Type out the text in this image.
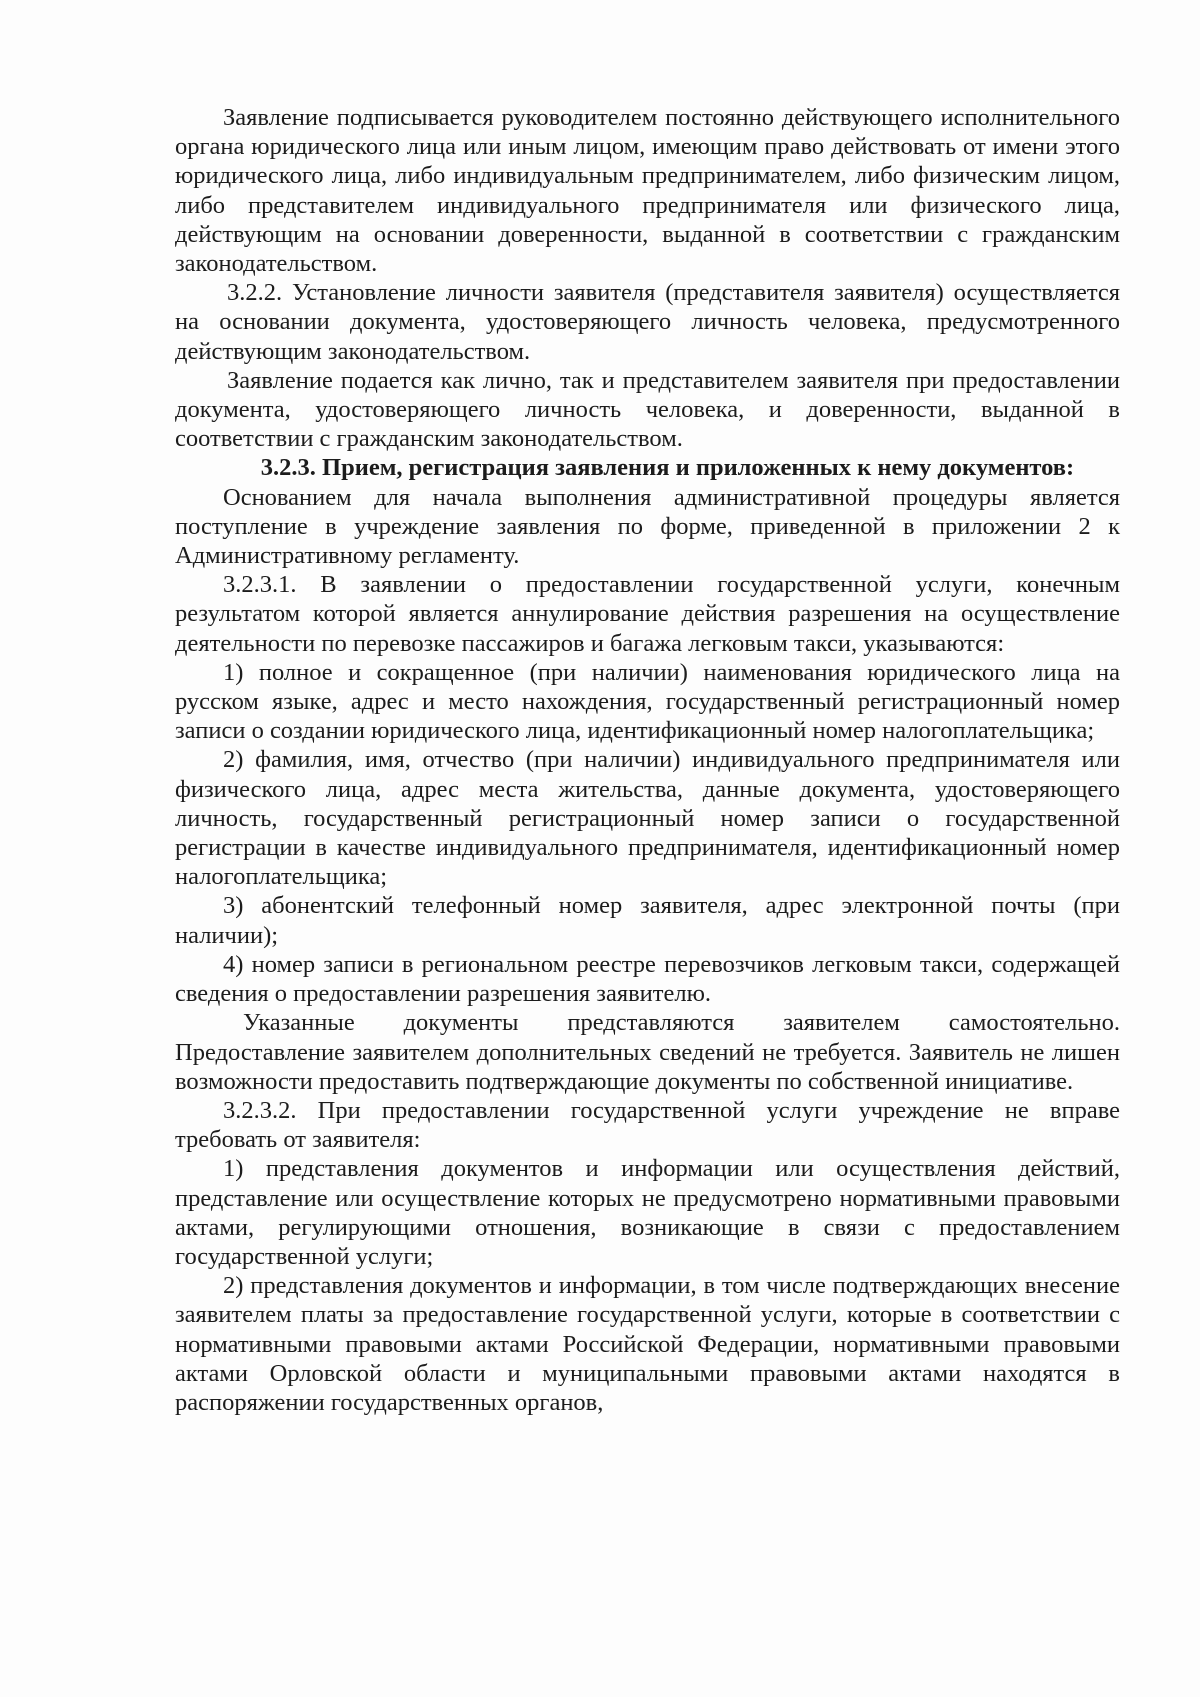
Заявление подписывается руководителем постоянно действующего исполнительного органа юридического лица или иным лицом, имеющим право действовать от имени этого юридического лица, либо индивидуальным предпринимателем, либо физическим лицом, либо представителем индивидуального предпринимателя или физического лица, действующим на основании доверенности, выданной в соответствии с гражданским законодательством.

3.2.2. Установление личности заявителя (представителя заявителя) осуществляется на основании документа, удостоверяющего личность человека, предусмотренного действующим законодательством.

Заявление подается как лично, так и представителем заявителя при предоставлении документа, удостоверяющего личность человека, и доверенности, выданной в соответствии с гражданским законодательством.

3.2.3. Прием, регистрация заявления и приложенных к нему документов:

Основанием для начала выполнения административной процедуры является поступление в учреждение заявления по форме, приведенной в приложении 2 к Административному регламенту.

3.2.3.1. В заявлении о предоставлении государственной услуги, конечным результатом которой является аннулирование действия разрешения на осуществление деятельности по перевозке пассажиров и багажа легковым такси, указываются:

1) полное и сокращенное (при наличии) наименования юридического лица на русском языке, адрес и место нахождения, государственный регистрационный номер записи о создании юридического лица, идентификационный номер налогоплательщика;

2) фамилия, имя, отчество (при наличии) индивидуального предпринимателя или физического лица, адрес места жительства, данные документа, удостоверяющего личность, государственный регистрационный номер записи о государственной регистрации в качестве индивидуального предпринимателя, идентификационный номер налогоплательщика;

3) абонентский телефонный номер заявителя, адрес электронной почты (при наличии);

4) номер записи в региональном реестре перевозчиков легковым такси, содержащей сведения о предоставлении разрешения заявителю.

Указанные документы представляются заявителем самостоятельно. Предоставление заявителем дополнительных сведений не требуется. Заявитель не лишен возможности предоставить подтверждающие документы по собственной инициативе.

3.2.3.2. При предоставлении государственной услуги учреждение не вправе требовать от заявителя:

1) представления документов и информации или осуществления действий, представление или осуществление которых не предусмотрено нормативными правовыми актами, регулирующими отношения, возникающие в связи с предоставлением государственной услуги;

2) представления документов и информации, в том числе подтверждающих внесение заявителем платы за предоставление государственной услуги, которые в соответствии с нормативными правовыми актами Российской Федерации, нормативными правовыми актами Орловской области и муниципальными правовыми актами находятся в распоряжении государственных органов,
